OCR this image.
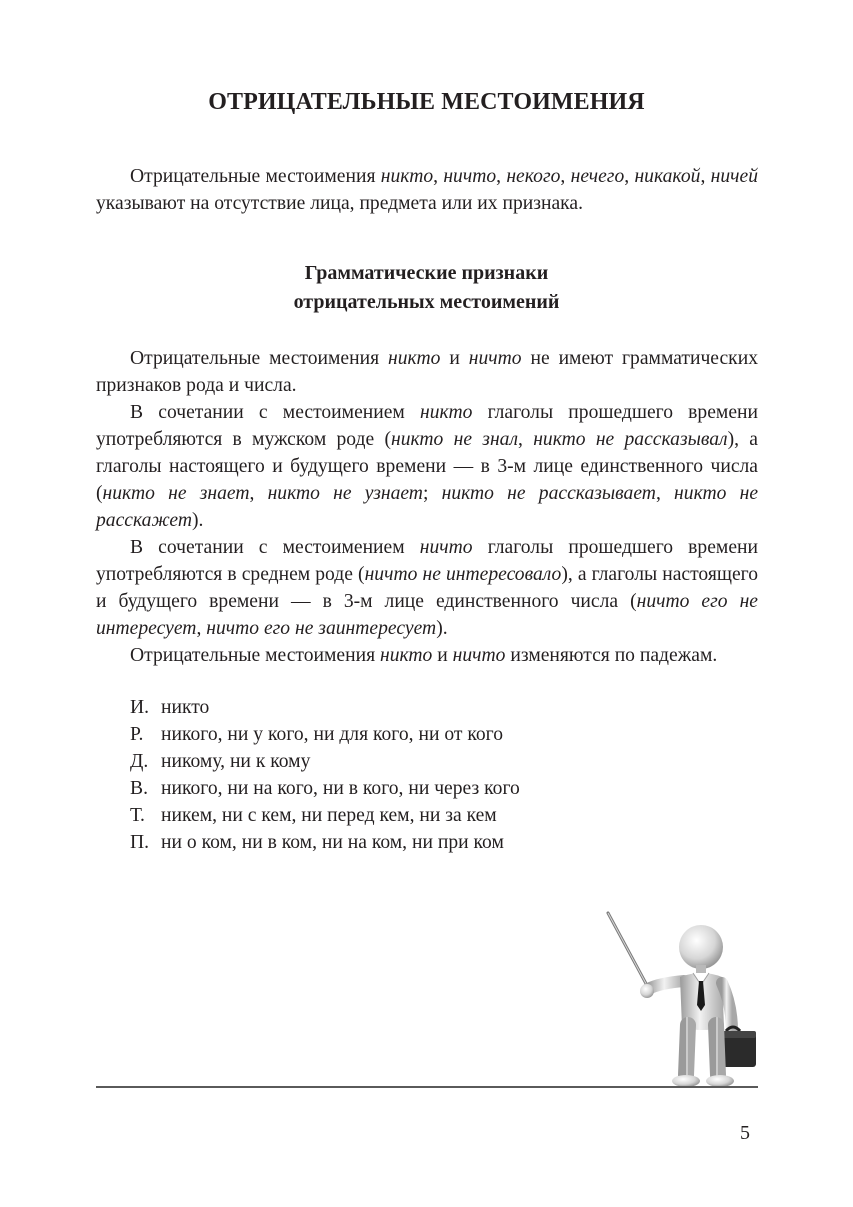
ОТРИЦАТЕЛЬНЫЕ МЕСТОИМЕНИЯ

Отрицательные местоимения никто, ничто, некого, нечего, никакой, ничей указывают на отсутствие лица, предмета или их признака.

Грамматические признаки
отрицательных местоимений

Отрицательные местоимения никто и ничто не имеют грамматических признаков рода и числа.

В сочетании с местоимением никто глаголы прошедшего времени употребляются в мужском роде (никто не знал, никто не рассказывал), а глаголы настоящего и будущего времени — в 3-м лице единственного числа (никто не знает, никто не узнает; никто не рассказывает, никто не расскажет).

В сочетании с местоимением ничто глаголы прошедшего времени употребляются в среднем роде (ничто не интересовало), а глаголы настоящего и будущего времени — в 3-м лице единственного числа (ничто его не интересует, ничто его не заинтересует).

Отрицательные местоимения никто и ничто изменяются по падежам.

И. никто
Р. никого, ни у кого, ни для кого, ни от кого
Д. никому, ни к кому
В. никого, ни на кого, ни в кого, ни через кого
Т. никем, ни с кем, ни перед кем, ни за кем
П. ни о ком, ни в ком, ни на ком, ни при ком

5
